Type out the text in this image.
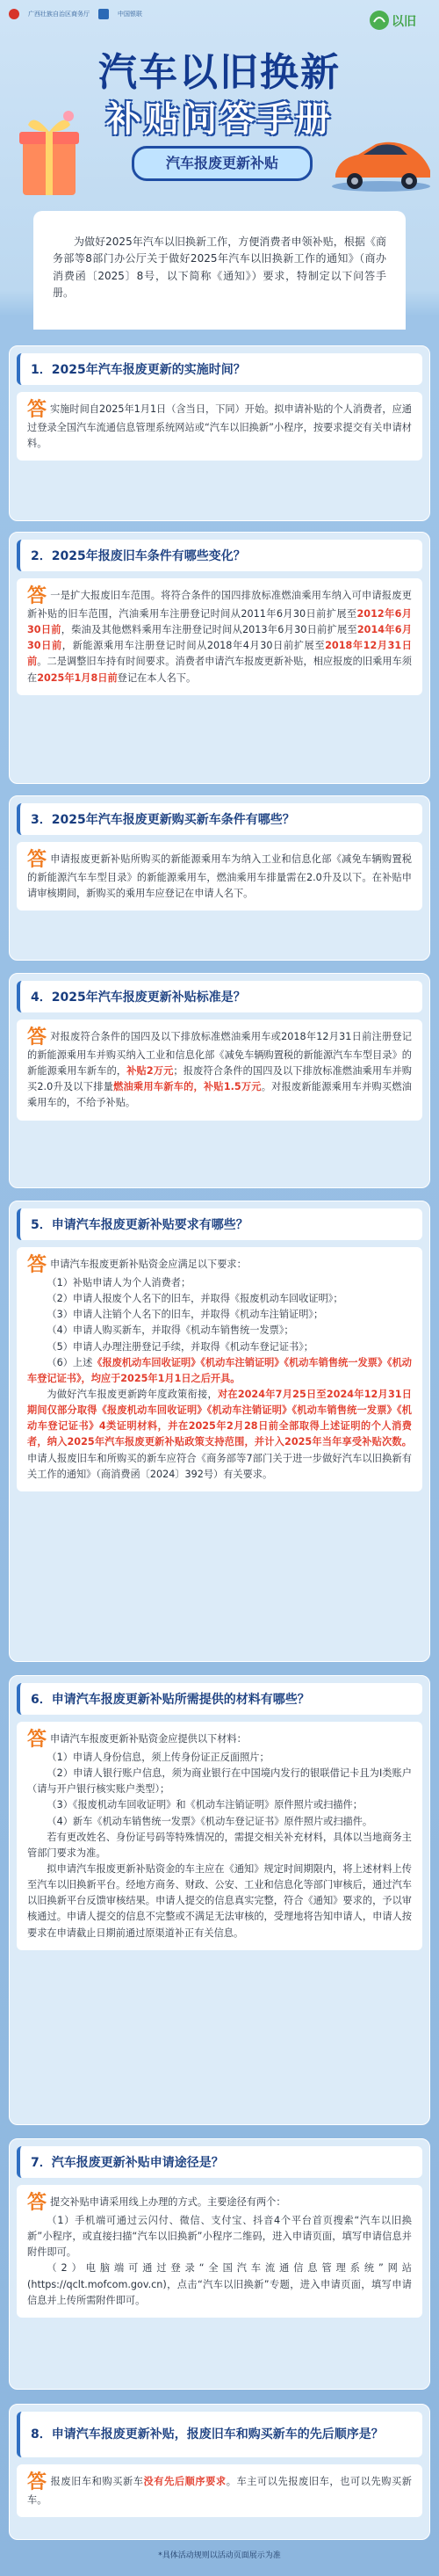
广西壮族自治区商务厅	中国银联
以旧
汽车以旧换新
补贴问答手册
汽车报废更新补贴

为做好2025年汽车以旧换新工作，方便消费者申领补贴，根据《商务部等8部门办公厅关于做好2025年汽车以旧换新工作的通知》（商办消费函〔2025〕8号，以下简称《通知》）要求，特制定以下问答手册。

1．2025年汽车报废更新的实施时间？

答实施时间自2025年1月1日（含当日，下同）开始。拟申请补贴的个人消费者，应通过登录全国汽车流通信息管理系统网站或“汽车以旧换新”小程序，按要求提交有关申请材料。

2．2025年报废旧车条件有哪些变化？

答一是扩大报废旧车范围。将符合条件的国四排放标准燃油乘用车纳入可申请报废更新补贴的旧车范围，汽油乘用车注册登记时间从2011年6月30日前扩展至2012年6月30日前，柴油及其他燃料乘用车注册登记时间从2013年6月30日前扩展至2014年6月30日前，新能源乘用车注册登记时间从2018年4月30日前扩展至2018年12月31日前。二是调整旧车持有时间要求。消费者申请汽车报废更新补贴，相应报废的旧乘用车须在2025年1月8日前登记在本人名下。

3．2025年汽车报废更新购买新车条件有哪些？

答申请报废更新补贴所购买的新能源乘用车为纳入工业和信息化部《减免车辆购置税的新能源汽车车型目录》的新能源乘用车，燃油乘用车排量需在2.0升及以下。在补贴申请审核期间，新购买的乘用车应登记在申请人名下。

4．2025年汽车报废更新补贴标准是？

答对报废符合条件的国四及以下排放标准燃油乘用车或2018年12月31日前注册登记的新能源乘用车并购买纳入工业和信息化部《减免车辆购置税的新能源汽车车型目录》的新能源乘用车新车的，补贴2万元；报废符合条件的国四及以下排放标准燃油乘用车并购买2.0升及以下排量燃油乘用车新车的，补贴1.5万元。对报废新能源乘用车并购买燃油乘用车的，不给予补贴。

5．申请汽车报废更新补贴要求有哪些？

答申请汽车报废更新补贴资金应满足以下要求：

（1）补贴申请人为个人消费者；

（2）申请人报废个人名下的旧车，并取得《报废机动车回收证明》；

（3）申请人注销个人名下的旧车，并取得《机动车注销证明》；

（4）申请人购买新车，并取得《机动车销售统一发票》；

（5）申请人办理注册登记手续，并取得《机动车登记证书》；

（6）上述《报废机动车回收证明》《机动车注销证明》《机动车销售统一发票》《机动车登记证书》，均应于2025年1月1日之后开具。

为做好汽车报废更新跨年度政策衔接，对在2024年7月25日至2024年12月31日期间仅部分取得《报废机动车回收证明》《机动车注销证明》《机动车销售统一发票》《机动车登记证书》4类证明材料，并在2025年2月28日前全部取得上述证明的个人消费者，纳入2025年汽车报废更新补贴政策支持范围，并计入2025年当年享受补贴次数。申请人报废旧车和所购买的新车应符合《商务部等7部门关于进一步做好汽车以旧换新有关工作的通知》（商消费函〔2024〕392号）有关要求。

6．申请汽车报废更新补贴所需提供的材料有哪些？

答申请汽车报废更新补贴资金应提供以下材料：

（1）申请人身份信息，须上传身份证正反面照片；

（2）申请人银行账户信息，须为商业银行在中国境内发行的银联借记卡且为I类账户（请与开户银行核实账户类型）；

（3）《报废机动车回收证明》和《机动车注销证明》原件照片或扫描件；

（4）新车《机动车销售统一发票》《机动车登记证书》原件照片或扫描件。

若有更改姓名、身份证号码等特殊情况的，需提交相关补充材料，具体以当地商务主管部门要求为准。

拟申请汽车报废更新补贴资金的车主应在《通知》规定时间期限内，将上述材料上传至汽车以旧换新平台。经地方商务、财政、公安、工业和信息化等部门审核后，通过汽车以旧换新平台反馈审核结果。申请人提交的信息真实完整，符合《通知》要求的，予以审核通过。申请人提交的信息不完整或不满足无法审核的，受理地将告知申请人，申请人按要求在申请截止日期前通过原渠道补正有关信息。

7．汽车报废更新补贴申请途径是？

答提交补贴申请采用线上办理的方式。主要途径有两个：

（1）手机端可通过云闪付、微信、支付宝、抖音4个平台首页搜索“汽车以旧换新”小程序，或直接扫描“汽车以旧换新”小程序二维码，进入申请页面，填写申请信息并附件即可。

（2）电脑端可通过登录“全国汽车流通信息管理系统”网站(https://qclt.mofcom.gov.cn)，点击“汽车以旧换新”专题，进入申请页面，填写申请信息并上传所需附件即可。

8．申请汽车报废更新补贴，报废旧车和购买新车的先后顺序是？

答报废旧车和购买新车没有先后顺序要求。车主可以先报废旧车，也可以先购买新车。

*具体活动规则以活动页面展示为准
